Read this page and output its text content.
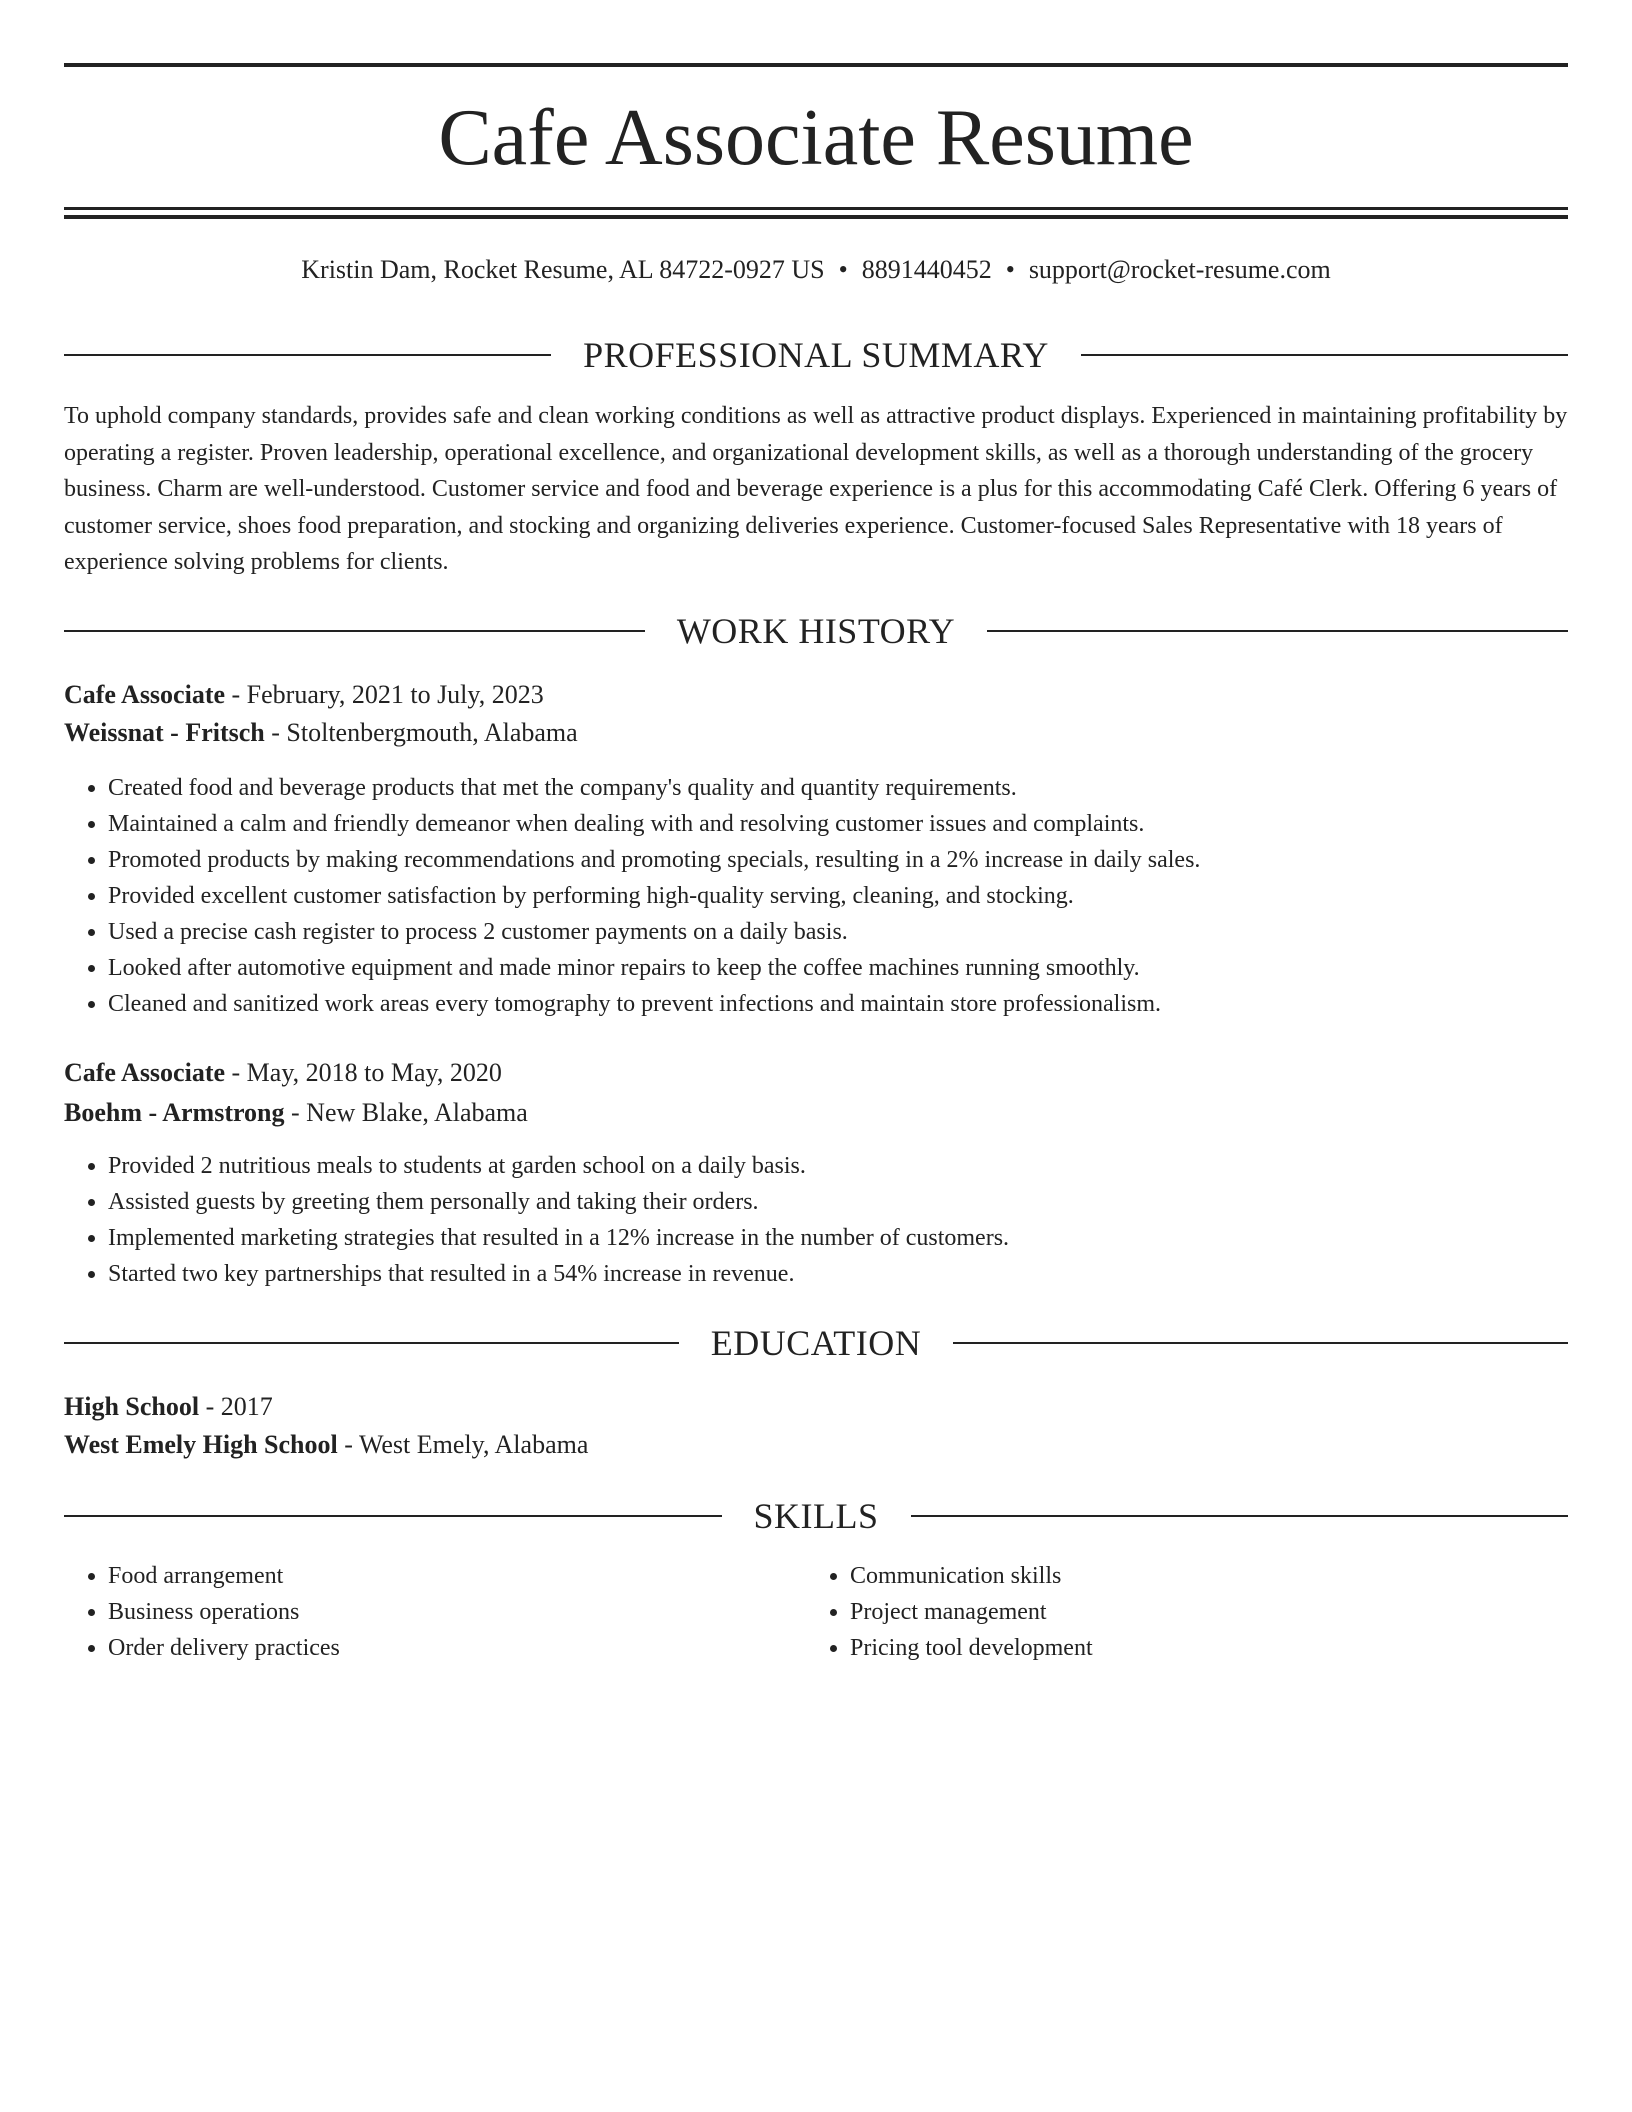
Cafe Associate Resume
Kristin Dam, Rocket Resume, AL 84722-0927 US • 8891440452 • support@rocket-resume.com
PROFESSIONAL SUMMARY

To uphold company standards, provides safe and clean working conditions as well as attractive product displays. Experienced in maintaining profitability by operating a register. Proven leadership, operational excellence, and organizational development skills, as well as a thorough understanding of the grocery business. Charm are well-understood. Customer service and food and beverage experience is a plus for this accommodating Café Clerk. Offering 6 years of customer service, shoes food preparation, and stocking and organizing deliveries experience. Customer-focused Sales Representative with 18 years of experience solving problems for clients.

WORK HISTORY
Cafe Associate - February, 2021 to July, 2023
Weissnat - Fritsch - Stoltenbergmouth, Alabama
• Created food and beverage products that met the company's quality and quantity requirements.
• Maintained a calm and friendly demeanor when dealing with and resolving customer issues and complaints.
• Promoted products by making recommendations and promoting specials, resulting in a 2% increase in daily sales.
• Provided excellent customer satisfaction by performing high-quality serving, cleaning, and stocking.
• Used a precise cash register to process 2 customer payments on a daily basis.
• Looked after automotive equipment and made minor repairs to keep the coffee machines running smoothly.
• Cleaned and sanitized work areas every tomography to prevent infections and maintain store professionalism.
Cafe Associate - May, 2018 to May, 2020
Boehm - Armstrong - New Blake, Alabama
• Provided 2 nutritious meals to students at garden school on a daily basis.
• Assisted guests by greeting them personally and taking their orders.
• Implemented marketing strategies that resulted in a 12% increase in the number of customers.
• Started two key partnerships that resulted in a 54% increase in revenue.
EDUCATION
High School - 2017
West Emely High School - West Emely, Alabama
SKILLS
• Food arrangement
• Business operations
• Order delivery practices
• Communication skills
• Project management
• Pricing tool development
